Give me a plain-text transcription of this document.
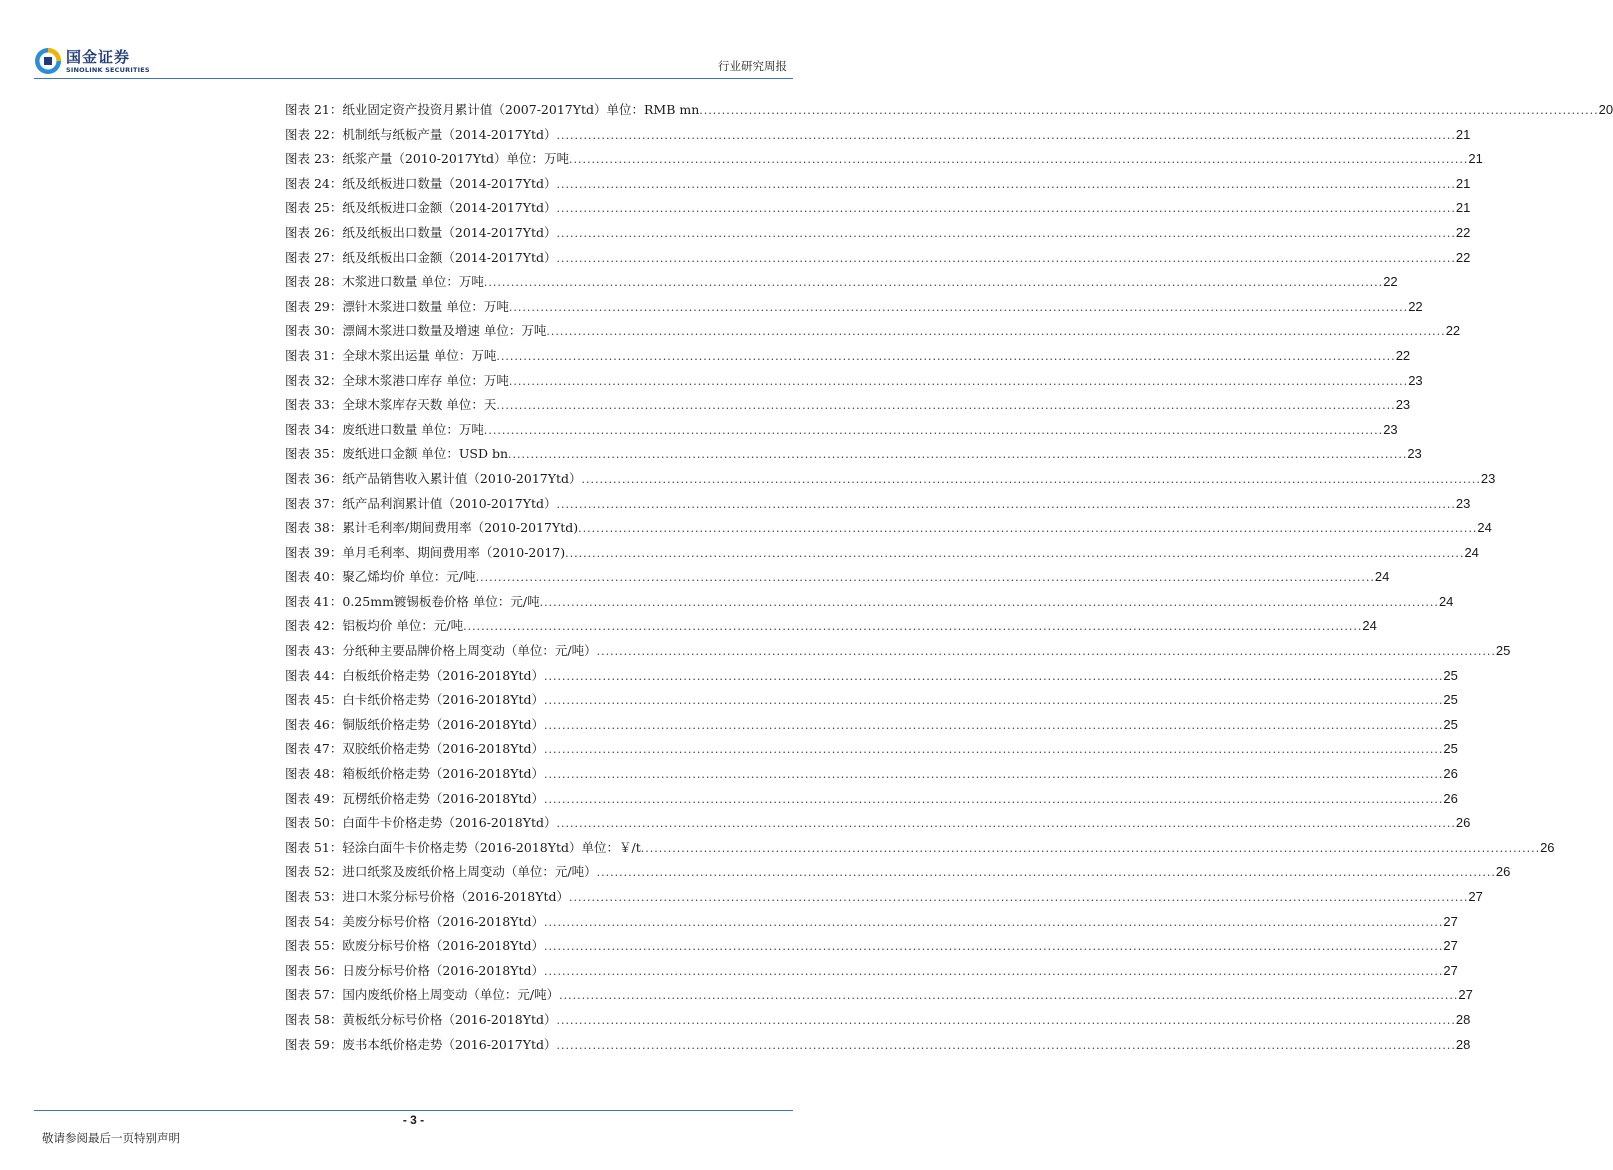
国金证券
SINOLINK SECURITIES	行业研究周报
图表 21：纸业固定资产投资月累计值（2007-2017Ytd）单位：RMB mn ........................................................................................................................................................................................................ 20
图表 22：机制纸与纸板产量（2014-2017Ytd） ........................................................................................................................................................................................................ 21
图表 23：纸浆产量（2010-2017Ytd）单位：万吨 ........................................................................................................................................................................................................ 21
图表 24：纸及纸板进口数量（2014-2017Ytd） ........................................................................................................................................................................................................ 21
图表 25：纸及纸板进口金额（2014-2017Ytd） ........................................................................................................................................................................................................ 21
图表 26：纸及纸板出口数量（2014-2017Ytd） ........................................................................................................................................................................................................ 22
图表 27：纸及纸板出口金额（2014-2017Ytd） ........................................................................................................................................................................................................ 22
图表 28：木浆进口数量 单位：万吨 ........................................................................................................................................................................................................ 22
图表 29：漂针木浆进口数量 单位：万吨 ........................................................................................................................................................................................................ 22
图表 30：漂阔木浆进口数量及增速 单位：万吨 ........................................................................................................................................................................................................ 22
图表 31：全球木浆出运量 单位：万吨 ........................................................................................................................................................................................................ 22
图表 32：全球木浆港口库存 单位：万吨 ........................................................................................................................................................................................................ 23
图表 33：全球木浆库存天数 单位：天 ........................................................................................................................................................................................................ 23
图表 34：废纸进口数量 单位：万吨 ........................................................................................................................................................................................................ 23
图表 35：废纸进口金额 单位：USD bn ........................................................................................................................................................................................................ 23
图表 36：纸产品销售收入累计值（2010-2017Ytd） ........................................................................................................................................................................................................ 23
图表 37：纸产品利润累计值（2010-2017Ytd） ........................................................................................................................................................................................................ 23
图表 38：累计毛利率/期间费用率（2010-2017Ytd) ........................................................................................................................................................................................................ 24
图表 39：单月毛利率、期间费用率（2010-2017) ........................................................................................................................................................................................................ 24
图表 40：聚乙烯均价 单位：元/吨 ........................................................................................................................................................................................................ 24
图表 41：0.25mm镀锡板卷价格 单位：元/吨 ........................................................................................................................................................................................................ 24
图表 42：铝板均价 单位：元/吨 ........................................................................................................................................................................................................ 24
图表 43：分纸种主要品牌价格上周变动（单位：元/吨） ........................................................................................................................................................................................................ 25
图表 44：白板纸价格走势（2016-2018Ytd） ........................................................................................................................................................................................................ 25
图表 45：白卡纸价格走势（2016-2018Ytd） ........................................................................................................................................................................................................ 25
图表 46：铜版纸价格走势（2016-2018Ytd） ........................................................................................................................................................................................................ 25
图表 47：双胶纸价格走势（2016-2018Ytd） ........................................................................................................................................................................................................ 25
图表 48：箱板纸价格走势（2016-2018Ytd） ........................................................................................................................................................................................................ 26
图表 49：瓦楞纸价格走势（2016-2018Ytd） ........................................................................................................................................................................................................ 26
图表 50：白面牛卡价格走势（2016-2018Ytd） ........................................................................................................................................................................................................ 26
图表 51：轻涂白面牛卡价格走势（2016-2018Ytd）单位：￥/t ........................................................................................................................................................................................................ 26
图表 52：进口纸浆及废纸价格上周变动（单位：元/吨） ........................................................................................................................................................................................................ 26
图表 53：进口木浆分标号价格（2016-2018Ytd） ........................................................................................................................................................................................................ 27
图表 54：美废分标号价格（2016-2018Ytd） ........................................................................................................................................................................................................ 27
图表 55：欧废分标号价格（2016-2018Ytd） ........................................................................................................................................................................................................ 27
图表 56：日废分标号价格（2016-2018Ytd） ........................................................................................................................................................................................................ 27
图表 57：国内废纸价格上周变动（单位：元/吨） ........................................................................................................................................................................................................ 27
图表 58：黄板纸分标号价格（2016-2018Ytd） ........................................................................................................................................................................................................ 28
图表 59：废书本纸价格走势（2016-2017Ytd） ........................................................................................................................................................................................................ 28
- 3 -
敬请参阅最后一页特别声明
